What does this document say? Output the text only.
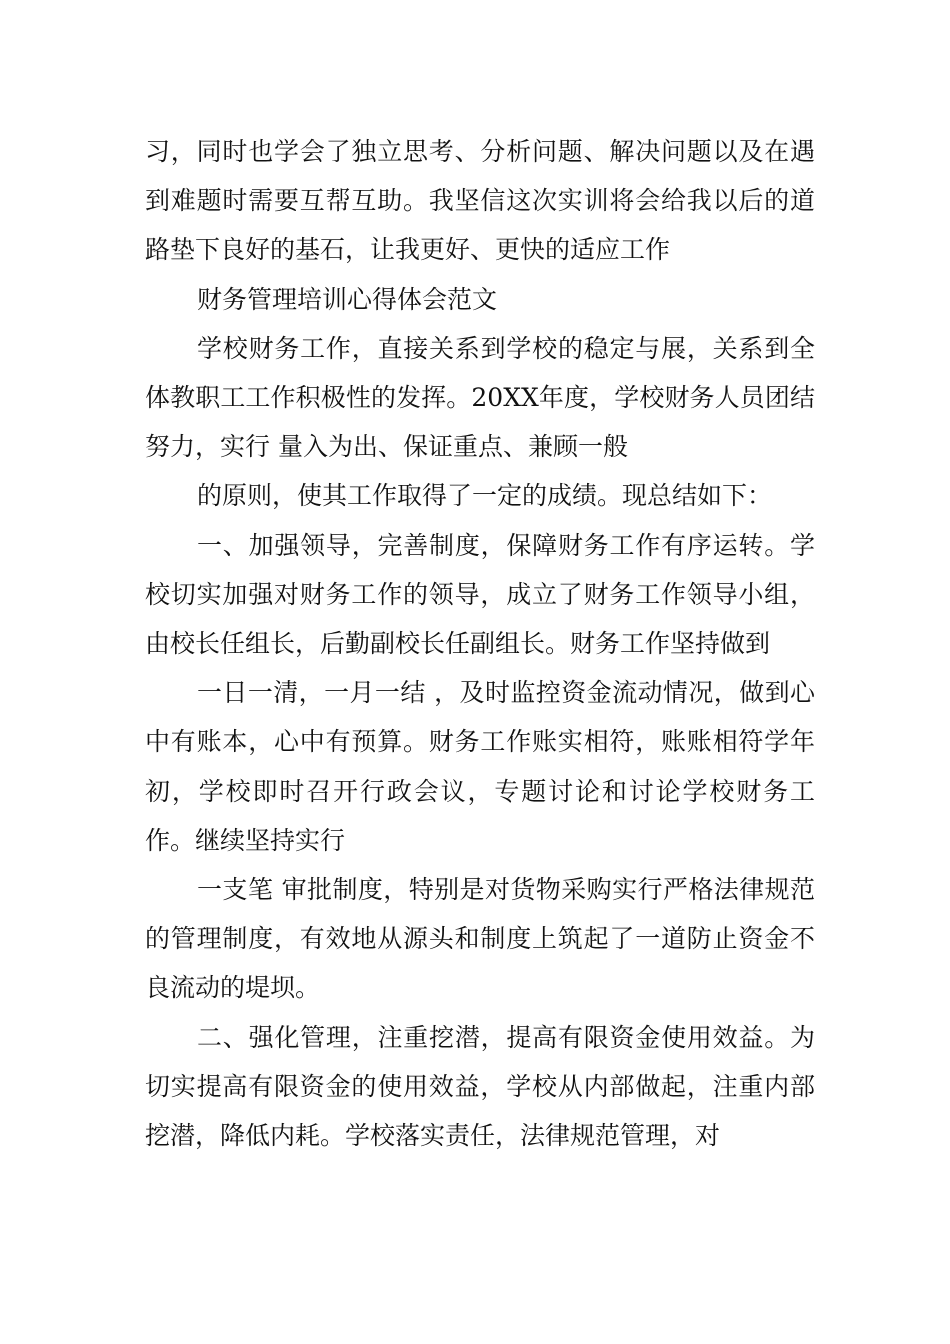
习，同时也学会了独立思考、分析问题、解决问题以及在遇到难题时需要互帮互助。我坚信这次实训将会给我以后的道路垫下良好的基石，让我更好、更快的适应工作

财务管理培训心得体会范文

学校财务工作，直接关系到学校的稳定与展，关系到全体教职工工作积极性的发挥。20XX年度，学校财务人员团结努力，实行 量入为出、保证重点、兼顾一般

的原则，使其工作取得了一定的成绩。现总结如下：

一、加强领导，完善制度，保障财务工作有序运转。学校切实加强对财务工作的领导，成立了财务工作领导小组，由校长任组长，后勤副校长任副组长。财务工作坚持做到

一日一清，一月一结 ，及时监控资金流动情况，做到心中有账本，心中有预算。财务工作账实相符，账账相符学年初，学校即时召开行政会议，专题讨论和讨论学校财务工作。继续坚持实行

一支笔 审批制度，特别是对货物采购实行严格法律规范的管理制度，有效地从源头和制度上筑起了一道防止资金不良流动的堤坝。

二、强化管理，注重挖潜，提高有限资金使用效益。为切实提高有限资金的使用效益，学校从内部做起，注重内部挖潜，降低内耗。学校落实责任，法律规范管理，对
